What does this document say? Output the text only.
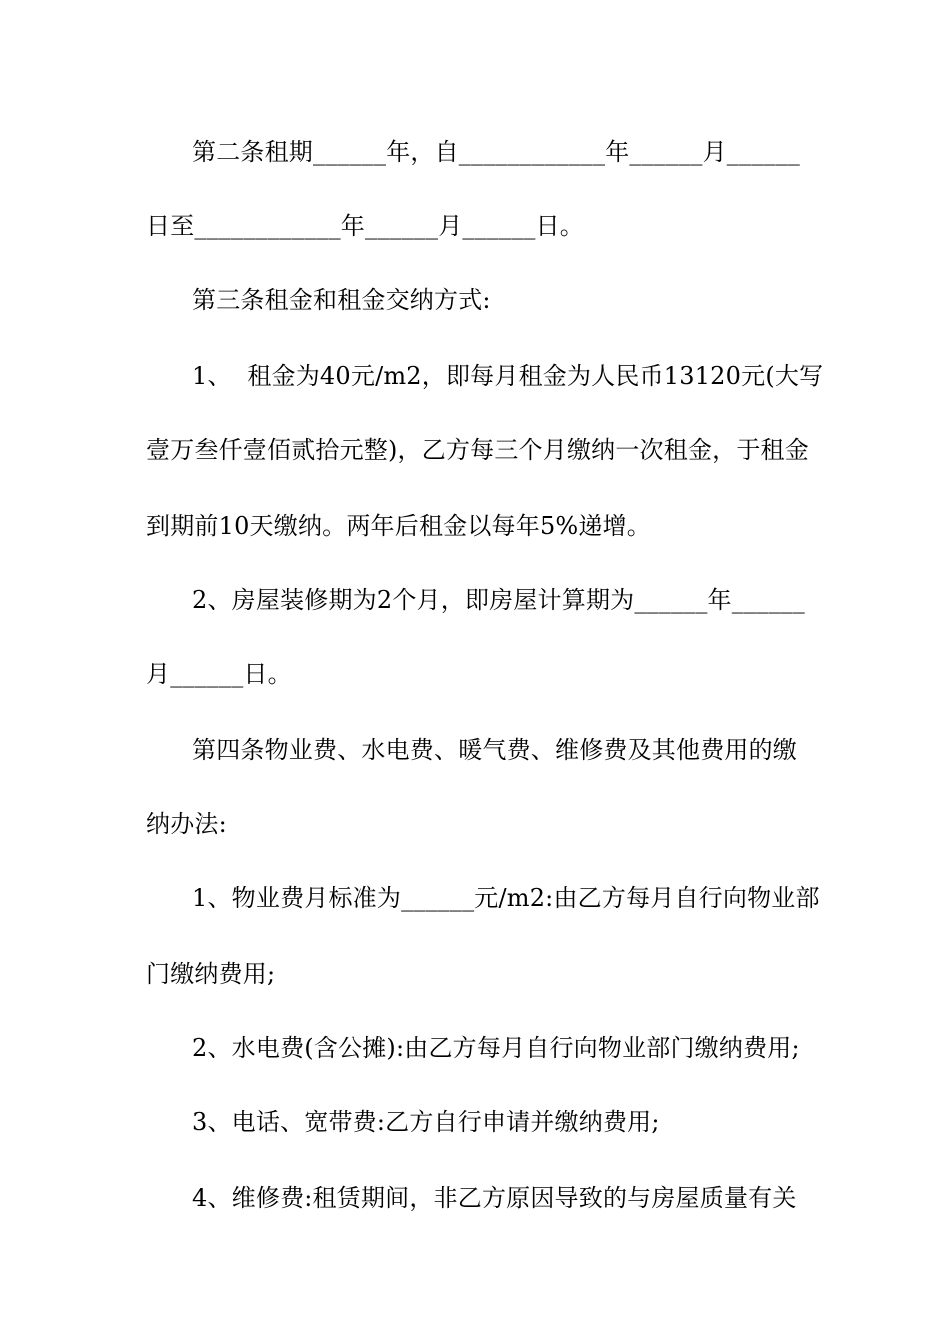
第二条租期______年，自____________年______月______

日至____________年______月______日。

第三条租金和租金交纳方式:

1、  租金为40元/m2，即每月租金为人民币13120元(大写

壹万叁仟壹佰贰拾元整)，乙方每三个月缴纳一次租金，于租金

到期前10天缴纳。两年后租金以每年5%递增。

2、房屋装修期为2个月，即房屋计算期为______年______

月______日。

第四条物业费、水电费、暖气费、维修费及其他费用的缴

纳办法:

1、物业费月标准为______元/m2:由乙方每月自行向物业部

门缴纳费用;

2、水电费(含公摊):由乙方每月自行向物业部门缴纳费用;

3、电话、宽带费:乙方自行申请并缴纳费用;

4、维修费:租赁期间，非乙方原因导致的与房屋质量有关
